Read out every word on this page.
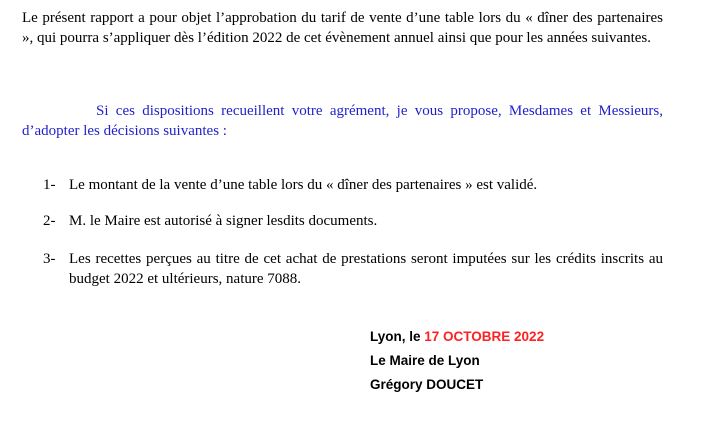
Le présent rapport a pour objet l’approbation du tarif de vente d’une table lors du « dîner des partenaires », qui pourra s’appliquer dès l’édition 2022 de cet évènement annuel ainsi que pour les années suivantes.

Si ces dispositions recueillent votre agrément, je vous propose, Mesdames et Messieurs, d’adopter les décisions suivantes :

1- Le montant de la vente d’une table lors du « dîner des partenaires » est validé.
2- M. le Maire est autorisé à signer lesdits documents.
3- Les recettes perçues au titre de cet achat de prestations seront imputées sur les crédits inscrits au budget 2022 et ultérieurs, nature 7088.
Lyon, le 17 OCTOBRE 2022
Le Maire de Lyon
Grégory DOUCET
